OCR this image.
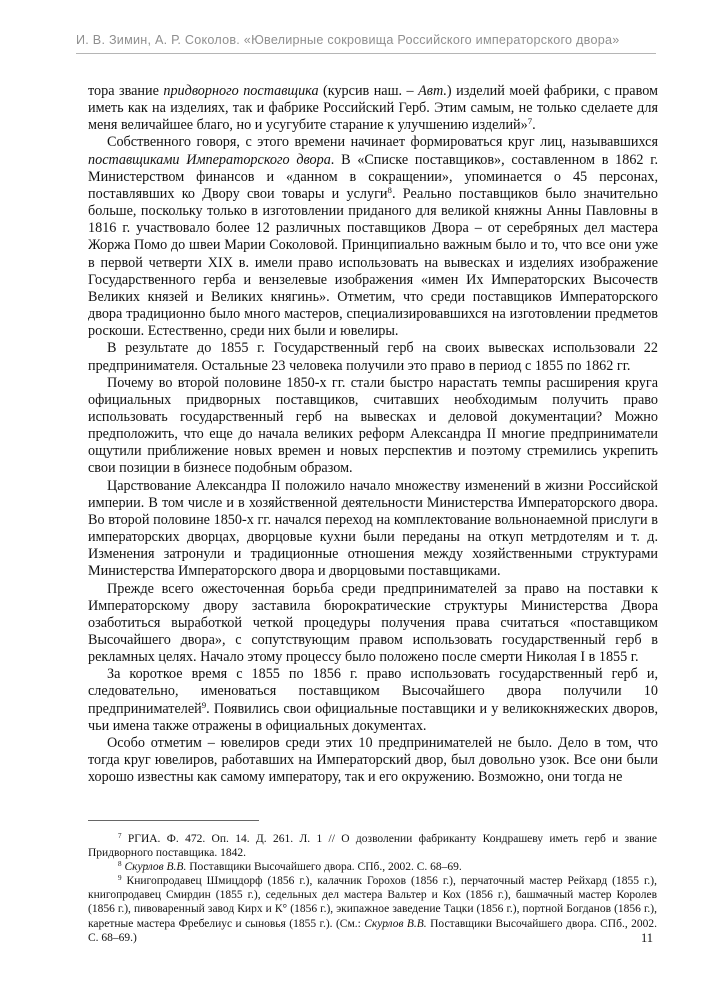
И. В. Зимин, А. Р. Соколов. «Ювелирные сокровища Российского императорского двора»

тора звание придворного поставщика (курсив наш. – Авт.) изделий моей фабрики, с правом иметь как на изделиях, так и фабрике Российский Герб. Этим самым, не только сделаете для меня величайшее благо, но и усугубите старание к улучшению изделий»$^7$.

Собственного говоря, с этого времени начинает формироваться круг лиц, называвшихся поставщиками Императорского двора. В «Списке поставщиков», составленном в 1862 г. Министерством финансов и «данном в сокращении», упоминается о 45 персонах, поставлявших ко Двору свои товары и услуги$^8$. Реально поставщиков было значительно больше, поскольку только в изготовлении приданого для великой княжны Анны Павловны в 1816 г. участвовало более 12 различных поставщиков Двора – от серебряных дел мастера Жоржа Помо до швеи Марии Соколовой. Принципиально важным было и то, что все они уже в первой четверти XIX в. имели право использовать на вывесках и изделиях изображение Государственного герба и вензелевые изображения «имен Их Императорских Высочеств Великих князей и Великих княгинь». Отметим, что среди поставщиков Императорского двора традиционно было много мастеров, специализировавшихся на изготовлении предметов роскоши. Естественно, среди них были и ювелиры.

В результате до 1855 г. Государственный герб на своих вывесках использовали 22 предпринимателя. Остальные 23 человека получили это право в период с 1855 по 1862 гг.

Почему во второй половине 1850-х гг. стали быстро нарастать темпы расширения круга официальных придворных поставщиков, считавших необходимым получить право использовать государственный герб на вывесках и деловой документации? Можно предположить, что еще до начала великих реформ Александра II многие предприниматели ощутили приближение новых времен и новых перспектив и поэтому стремились укрепить свои позиции в бизнесе подобным образом.

Царствование Александра II положило начало множеству изменений в жизни Российской империи. В том числе и в хозяйственной деятельности Министерства Императорского двора. Во второй половине 1850-х гг. начался переход на комплектование вольнонаемной прислуги в императорских дворцах, дворцовые кухни были переданы на откуп метрдотелям и т. д. Изменения затронули и традиционные отношения между хозяйственными структурами Министерства Императорского двора и дворцовыми поставщиками.

Прежде всего ожесточенная борьба среди предпринимателей за право на поставки к Императорскому двору заставила бюрократические структуры Министерства Двора озаботиться выработкой четкой процедуры получения права считаться «поставщиком Высочайшего двора», с сопутствующим правом использовать государственный герб в рекламных целях. Начало этому процессу было положено после смерти Николая I в 1855 г.

За короткое время с 1855 по 1856 г. право использовать государственный герб и, следовательно, именоваться поставщиком Высочайшего двора получили 10 предпринимателей$^9$. Появились свои официальные поставщики и у великокняжеских дворов, чьи имена также отражены в официальных документах.

Особо отметим – ювелиров среди этих 10 предпринимателей не было. Дело в том, что тогда круг ювелиров, работавших на Императорский двор, был довольно узок. Все они были хорошо известны как самому императору, так и его окружению. Возможно, они тогда не

$^7$ РГИА. Ф. 472. Оп. 14. Д. 261. Л. 1 // О дозволении фабриканту Кондрашеву иметь герб и звание Придворного поставщика. 1842.

$^8$ Скурлов В.В. Поставщики Высочайшего двора. СПб., 2002. С. 68–69.

$^9$ Книгопродавец Шмицдорф (1856 г.), калачник Горохов (1856 г.), перчаточный мастер Рейхард (1855 г.), книгопродавец Смирдин (1855 г.), седельных дел мастера Вальтер и Кох (1856 г.), башмачный мастер Королев (1856 г.), пивоваренный завод Кирх и К° (1856 г.), экипажное заведение Тацки (1856 г.), портной Богданов (1856 г.), каретные мастера Фребелиус и сыновья (1855 г.). (См.: Скурлов В.В. Поставщики Высочайшего двора. СПб., 2002. С. 68–69.)	11
